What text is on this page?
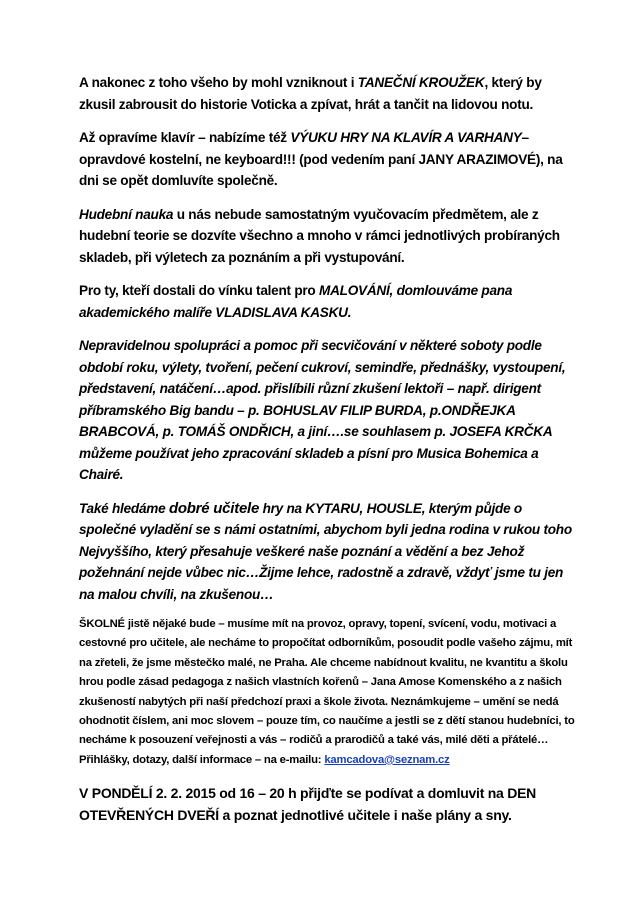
A nakonec z toho všeho by mohl vzniknout i TANEČNÍ KROUŽEK, který by zkusil zabrousit do historie Voticka a zpívat, hrát a tančit na lidovou notu.

Až opravíme klavír – nabízíme též VÝUKU HRY NA KLAVÍR A VARHANY– opravdové kostelní, ne keyboard!!! (pod vedením paní JANY ARAZIMOVÉ), na dni se opět domluvíte společně.

Hudební nauka u nás nebude samostatným vyučovacím předmětem, ale z hudební teorie se dozvíte všechno a mnoho v rámci jednotlivých probíraných skladeb, při výletech za poznáním a při vystupování.

Pro ty, kteří dostali do vínku talent pro MALOVÁNÍ, domlouváme pana akademického malíře VLADISLAVA KASKU.

Nepravidelnou spolupráci a pomoc při secvičování v některé soboty podle období roku, výlety, tvoření, pečení cukroví, semindře, přednášky, vystoupení, představení, natáčení…apod. přislíbili různí zkušení lektoři – např. dirigent příbramského Big bandu – p. BOHUSLAV FILIP BURDA, p.ONDŘEJKA BRABCOVÁ, p. TOMÁŠ ONDŘICH, a jiní….se souhlasem p. JOSEFA KRČKA můžeme používat jeho zpracování skladeb a písní pro Musica Bohemica a Chairé.

Také hledáme dobré učitele hry na KYTARU, HOUSLE, kterým půjde o společné vyladění se s námi ostatními, abychom byli jedna rodina v rukou toho Nejvyššího, který přesahuje veškeré naše poznání a vědění a bez Jehož požehnání nejde vůbec nic…Žijme lehce, radostně a zdravě, vždyť jsme tu jen na malou chvíli, na zkušenou…

ŠKOLNÉ jistě nějaké bude – musíme mít na provoz, opravy, topení, svícení, vodu, motivaci a cestovné pro učitele, ale necháme to propočítat odborníkům, posoudit podle vašeho zájmu, mít na zřeteli, že jsme městečko malé, ne Praha. Ale chceme nabídnout kvalitu, ne kvantitu a školu hrou podle zásad pedagoga z našich vlastních kořenů – Jana Amose Komenského a z našich zkušeností nabytých při naší předchozí praxi a škole života. Neznámkujeme – umění se nedá ohodnotit číslem, ani moc slovem – pouze tím, co naučíme a jestli se z dětí stanou hudebníci, to necháme k posouzení veřejnosti a vás – rodičů a prarodičů a také vás, milé děti a přátelé… Přihlášky, dotazy, další informace – na e-mailu: kamcadova@seznam.cz

V PONDĚLÍ 2. 2. 2015 od 16 – 20 h přijďte se podívat a domluvit na DEN OTEVŘENÝCH DVEŘÍ a poznat jednotlivé učitele i naše plány a sny.
